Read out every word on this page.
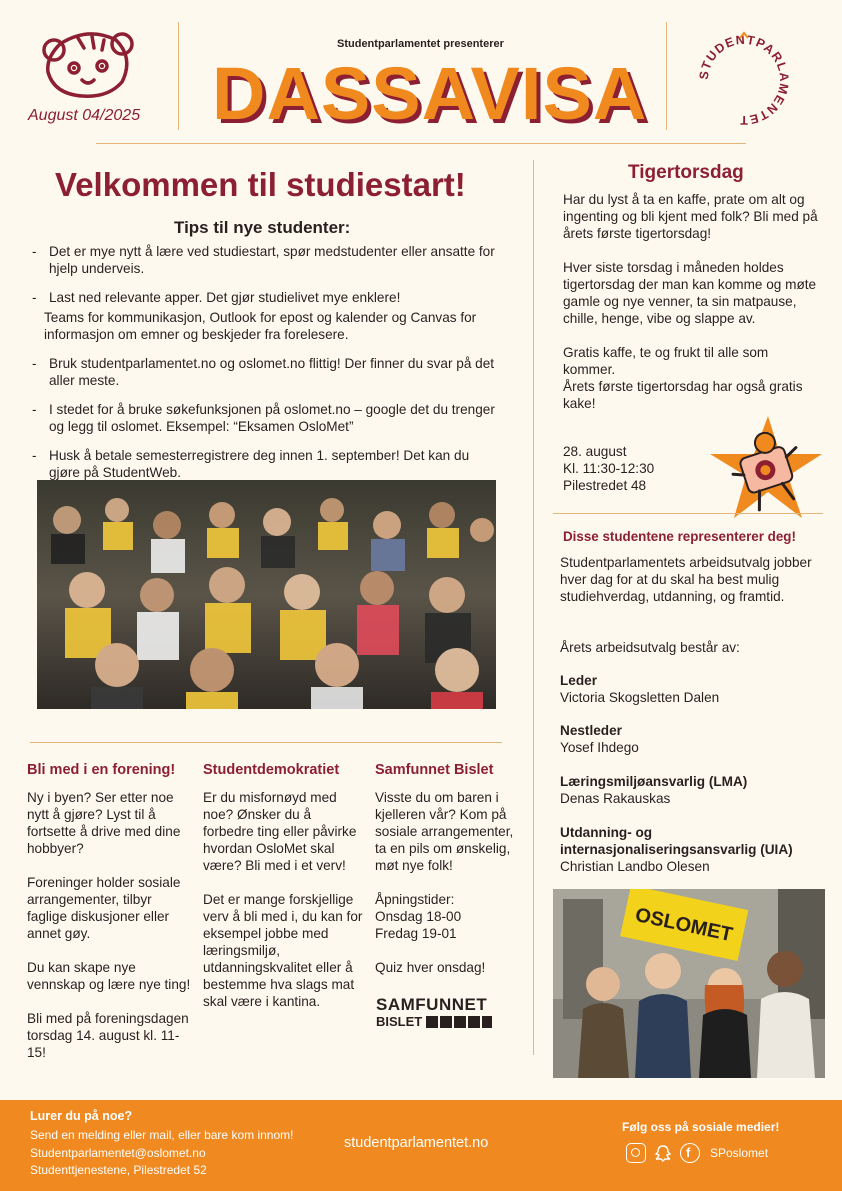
August 04/2025
Studentparlamentet presenterer
DASSAVISA	STUDENTPARLAMENTET
Velkommen til studiestart!
Tips til nye studenter:
- Det er mye nytt å lære ved studiestart, spør medstudenter eller ansatte for hjelp underveis.
- Last ned relevante apper. Det gjør studielivet mye enklere!
Teams for kommunikasjon, Outlook for epost og kalender og Canvas for informasjon om emner og beskjeder fra forelesere.
- Bruk studentparlamentet.no og oslomet.no flittig! Der finner du svar på det aller meste.
- I stedet for å bruke søkefunksjonen på oslomet.no – google det du trenger og legg til oslomet. Eksempel: “Eksamen OsloMet”
- Husk å betale semesterregistrere deg innen 1. september! Det kan du gjøre på StudentWeb.
Bli med i en forening!
Ny i byen? Ser etter noe nytt å gjøre? Lyst til å fortsette å drive med dine hobbyer?

Foreninger holder sosiale arrangementer, tilbyr faglige diskusjoner eller annet gøy.

Du kan skape nye vennskap og lære nye ting!

Bli med på foreningsdagen torsdag 14. august kl. 11-15!
Studentdemokratiet
Er du misfornøyd med noe? Ønsker du å forbedre ting eller påvirke hvordan OsloMet skal være? Bli med i et verv!

Det er mange forskjellige verv å bli med i, du kan for eksempel jobbe med læringsmiljø, utdanningskvalitet eller å bestemme hva slags mat skal være i kantina.
Samfunnet Bislet
Visste du om baren i kjelleren vår? Kom på sosiale arrangementer, ta en pils om ønskelig, møt nye folk!

Åpningstider:
Onsdag 18-00
Fredag 19-01

Quiz hver onsdag!
SAMFUNNET
BISLET
Tigertorsdag
Har du lyst å ta en kaffe, prate om alt og ingenting og bli kjent med folk? Bli med på årets første tigertorsdag!

Hver siste torsdag i måneden holdes tigertorsdag der man kan komme og møte gamle og nye venner, ta sin matpause, chille, henge, vibe og slappe av.

Gratis kaffe, te og frukt til alle som kommer.
Årets første tigertorsdag har også gratis kake!
28. august
Kl. 11:30-12:30
Pilestredet 48
Disse studentene representerer deg!
Studentparlamentets arbeidsutvalg jobber hver dag for at du skal ha best mulig studiehverdag, utdanning, og framtid.
Årets arbeidsutvalg består av:
Leder
Victoria Skogsletten Dalen
Nestleder
Yosef Ihdego
Læringsmiljøansvarlig (LMA)
Denas Rakauskas
Utdanning- og internasjonaliseringsansvarlig (UIA)
Christian Landbo Olesen
OSLOMET
Lurer du på noe?
Send en melding eller mail, eller bare kom innom!
Studentparlamentet@oslomet.no
Studenttjenestene, Pilestredet 52
studentparlamentet.no
Følg oss på sosiale medier!
f SPoslomet
